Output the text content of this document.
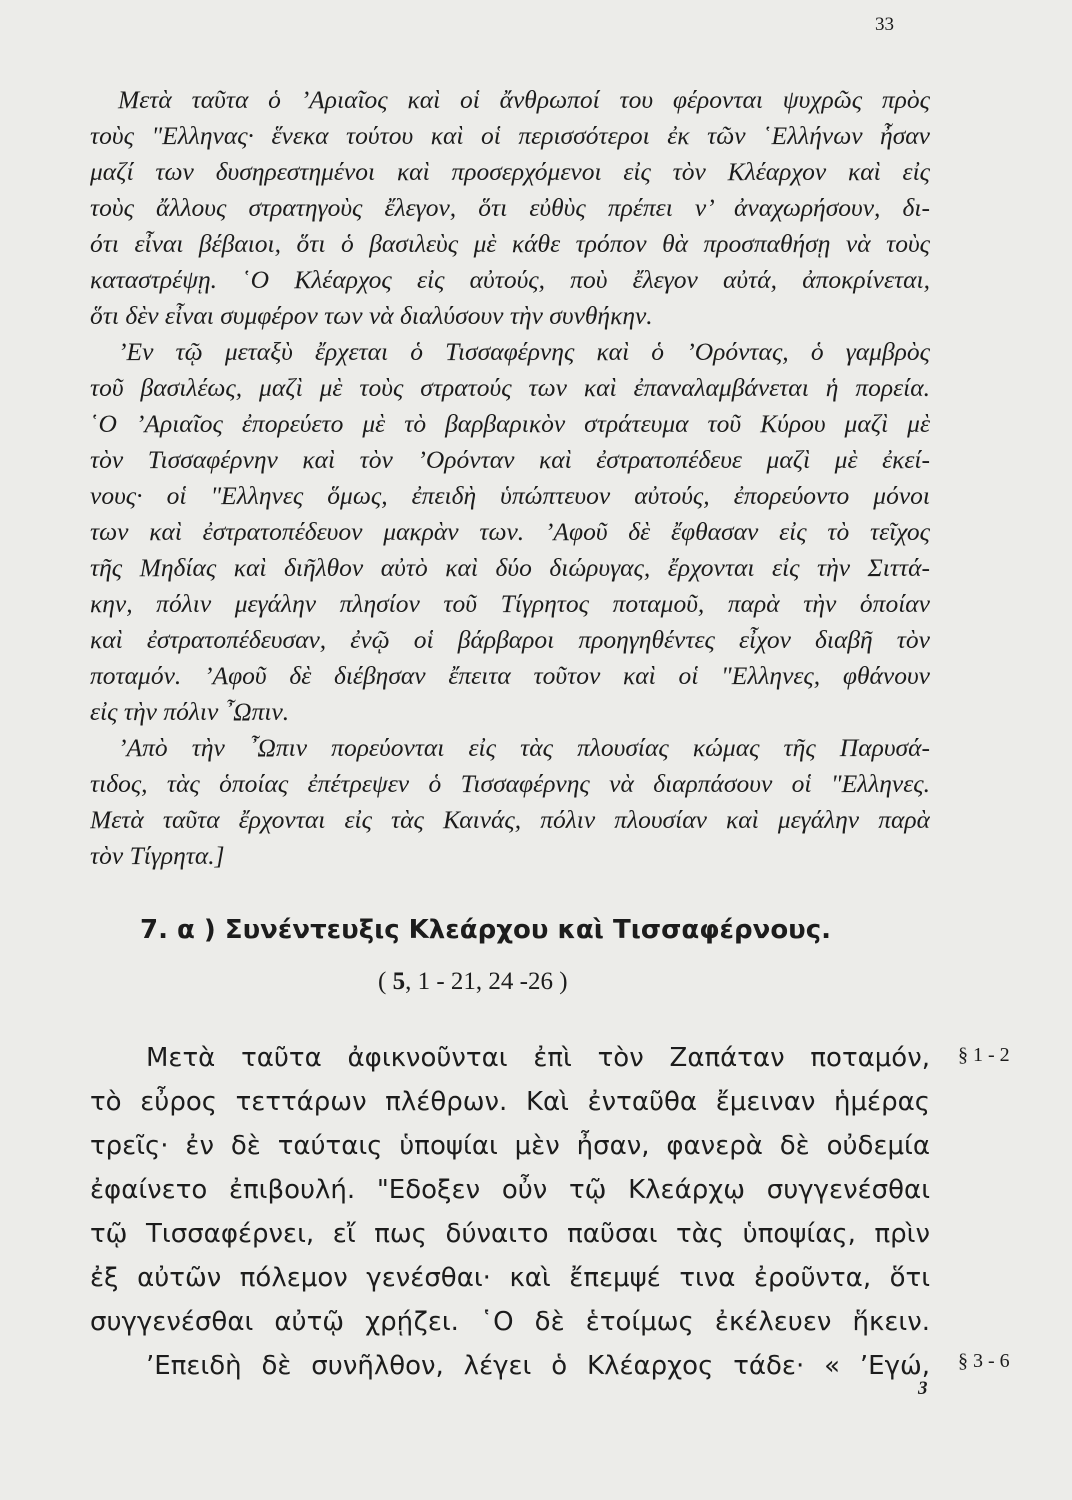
33
Μετὰ ταῦτα ὁ ’Αριαῖος καὶ οἱ ἄνθρωποί του φέρονται ψυχρῶς πρὸς
τοὺς "Ελληνας· ἕνεκα τούτου καὶ οἱ περισσότεροι ἐκ τῶν ῾Ελλήνων ἦσαν
μαζί των δυσηρεστημένοι καὶ προσερχόμενοι εἰς τὸν Κλέαρχον καὶ εἰς
τοὺς ἄλλους στρατηγοὺς ἔλεγον, ὅτι εὐθὺς πρέπει ν’ ἀναχωρήσουν, δι-
ότι εἶναι βέβαιοι, ὅτι ὁ βασιλεὺς μὲ κάθε τρόπον θὰ προσπαθήσῃ νὰ τοὺς
καταστρέψῃ. ῾Ο Κλέαρχος εἰς αὐτούς, ποὺ ἔλεγον αὐτά, ἀποκρίνεται,
ὅτι δὲν εἶναι συμφέρον των νὰ διαλύσουν τὴν συνθήκην.
’Εν τῷ μεταξὺ ἔρχεται ὁ Τισσαφέρνης καὶ ὁ ’Ορόντας, ὁ γαμβρὸς
τοῦ βασιλέως, μαζὶ μὲ τοὺς στρατούς των καὶ ἐπαναλαμβάνεται ἡ πορεία.
῾Ο ’Αριαῖος ἐπορεύετο μὲ τὸ βαρβαρικὸν στράτευμα τοῦ Κύρου μαζὶ μὲ
τὸν Τισσαφέρνην καὶ τὸν ’Ορόνταν καὶ ἐστρατοπέδευε μαζὶ μὲ ἐκεί-
νους· οἱ "Ελληνες ὅμως, ἐπειδὴ ὑπώπτευον αὐτούς, ἐπορεύοντο μόνοι
των καὶ ἐστρατοπέδευον μακρὰν των. ’Αφοῦ δὲ ἔφθασαν εἰς τὸ τεῖχος
τῆς Μηδίας καὶ διῆλθον αὐτὸ καὶ δύο διώρυγας, ἔρχονται εἰς τὴν Σιττά-
κην, πόλιν μεγάλην πλησίον τοῦ Τίγρητος ποταμοῦ, παρὰ τὴν ὁποίαν
καὶ ἐστρατοπέδευσαν, ἐνῷ οἱ βάρβαροι προηγηθέντες εἶχον διαβῆ τὸν
ποταμόν. ’Αφοῦ δὲ διέβησαν ἔπειτα τοῦτον καὶ οἱ "Ελληνες, φθάνουν
εἰς τὴν πόλιν ῏Ωπιν.
’Απὸ τὴν ῏Ωπιν πορεύονται εἰς τὰς πλουσίας κώμας τῆς Παρυσά-
τιδος, τὰς ὁποίας ἐπέτρεψεν ὁ Τισσαφέρνης νὰ διαρπάσουν οἱ "Ελληνες.
Μετὰ ταῦτα ἔρχονται εἰς τὰς Καινάς, πόλιν πλουσίαν καὶ μεγάλην παρὰ
τὸν Τίγρητα.]
7. α ) Συνέντευξις Κλεάρχου καὶ Τισσαφέρνους.
( 5, 1 - 21, 24 -26 )
Μετὰ ταῦτα ἀφικνοῦνται ἐπὶ τὸν Ζαπάταν ποταμόν,
τὸ εὖρος τεττάρων πλέθρων. Καὶ ἐνταῦθα ἔμειναν ἡμέρας
τρεῖς· ἐν δὲ ταύταις ὑποψίαι μὲν ἦσαν, φανερὰ δὲ οὐδεμία
ἐφαίνετο ἐπιβουλή. "Εδοξεν οὖν τῷ Κλεάρχῳ συγγενέσθαι
τῷ Τισσαφέρνει, εἴ πως δύναιτο παῦσαι τὰς ὑποψίας, πρὶν
ἐξ αὐτῶν πόλεμον γενέσθαι· καὶ ἔπεμψέ τινα ἐροῦντα, ὅτι
συγγενέσθαι αὐτῷ χρῄζει. ῾Ο δὲ ἑτοίμως ἐκέλευεν ἥκειν.
’Επειδὴ δὲ συνῆλθον, λέγει ὁ Κλέαρχος τάδε· « ’Εγώ,
§ 1 - 2
§ 3 - 6
3
